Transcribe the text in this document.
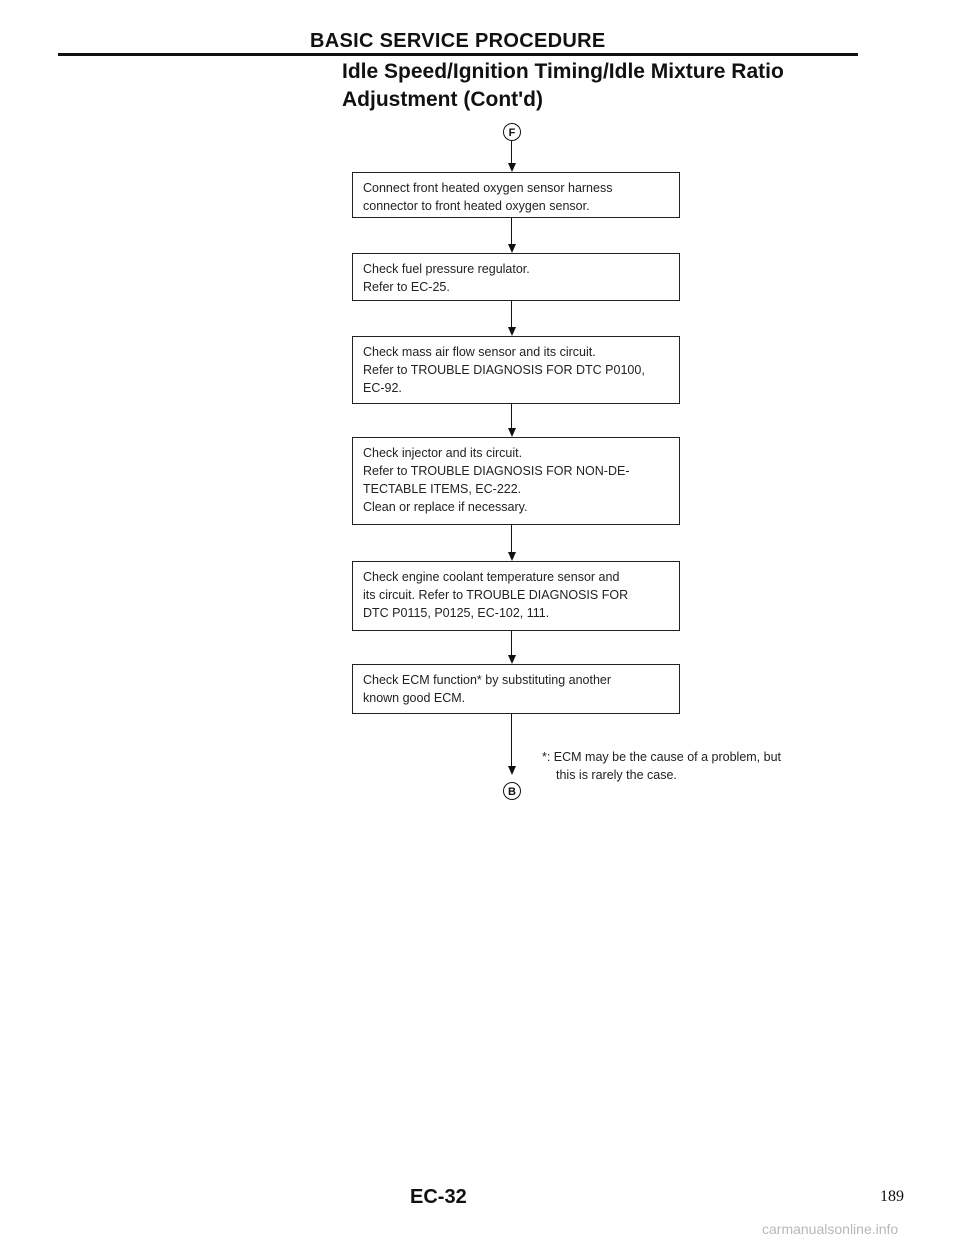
BASIC SERVICE PROCEDURE
Idle Speed/Ignition Timing/Idle Mixture Ratio
Adjustment (Cont'd)
F
Connect front heated oxygen sensor harness
connector to front heated oxygen sensor.
Check fuel pressure regulator.
Refer to EC-25.
Check mass air flow sensor and its circuit.
Refer to TROUBLE DIAGNOSIS FOR DTC P0100,
EC-92.
Check injector and its circuit.
Refer to TROUBLE DIAGNOSIS FOR NON-DE-
TECTABLE ITEMS, EC-222.
Clean or replace if necessary.
Check engine coolant temperature sensor and
its circuit. Refer to TROUBLE DIAGNOSIS FOR
DTC P0115, P0125, EC-102, 111.
Check ECM function* by substituting another
known good ECM.
B
*: ECM may be the cause of a problem, but
this is rarely the case.
EC-32	189
carmanualsonline.info
